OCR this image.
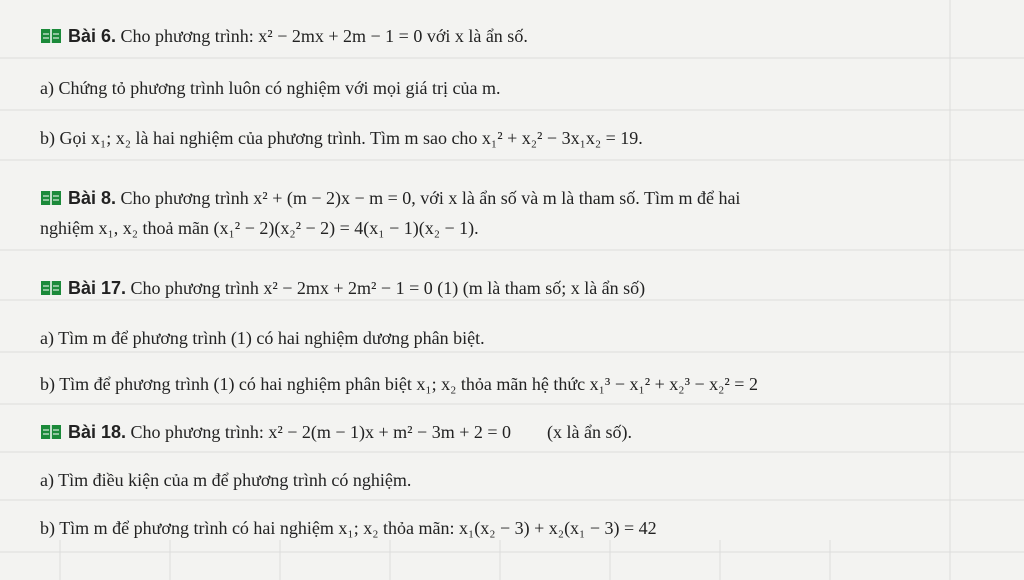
Bài 6. Cho phương trình: x² − 2mx + 2m − 1 = 0 với x là ẩn số.
a) Chứng tỏ phương trình luôn có nghiệm với mọi giá trị của m.
b) Gọi x₁; x₂ là hai nghiệm của phương trình. Tìm m sao cho x₁² + x₂² − 3x₁x₂ = 19.
Bài 8. Cho phương trình x² + (m − 2)x − m = 0, với x là ẩn số và m là tham số. Tìm m để hai
nghiệm x₁, x₂ thoả mãn (x₁² − 2)(x₂² − 2) = 4(x₁ − 1)(x₂ − 1).
Bài 17. Cho phương trình x² − 2mx + 2m² − 1 = 0 (1) (m là tham số; x là ẩn số)
a) Tìm m để phương trình (1) có hai nghiệm dương phân biệt.
b) Tìm để phương trình (1) có hai nghiệm phân biệt x₁; x₂ thỏa mãn hệ thức x₁³ − x₁² + x₂³ − x₂² = 2
Bài 18. Cho phương trình: x² − 2(m − 1)x + m² − 3m + 2 = 0        (x là ẩn số).
a) Tìm điều kiện của m để phương trình có nghiệm.
b) Tìm m để phương trình có hai nghiệm x₁; x₂ thỏa mãn: x₁(x₂ − 3) + x₂(x₁ − 3) = 42
